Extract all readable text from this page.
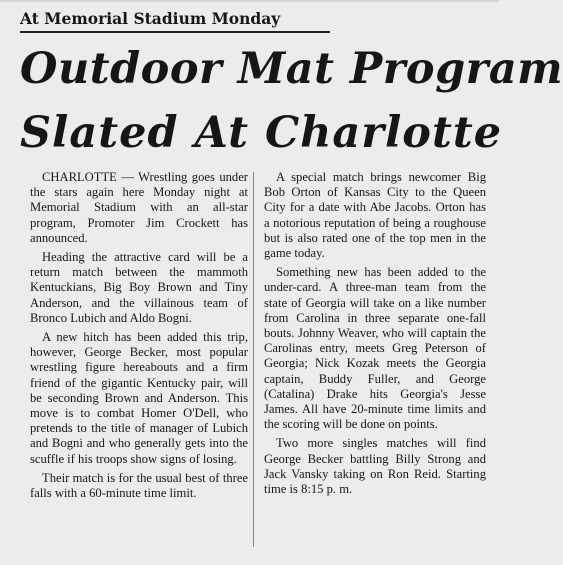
At Memorial Stadium Monday
Outdoor Mat Program
Slated At Charlotte

CHARLOTTE — Wrestling goes under the stars again here Monday night at Memorial Stadium with an all-star program, Promoter Jim Crockett has announced.

Heading the attractive card will be a return match between the mammoth Kentuckians, Big Boy Brown and Tiny Anderson, and the villainous team of Bronco Lubich and Aldo Bogni.

A new hitch has been added this trip, however, George Becker, most popular wrestling figure hereabouts and a firm friend of the gigantic Kentucky pair, will be seconding Brown and Anderson. This move is to combat Homer O'Dell, who pretends to the title of manager of Lubich and Bogni and who generally gets into the scuffle if his troops show signs of losing.

Their match is for the usual best of three falls with a 60-minute time limit.

A special match brings newcomer Big Bob Orton of Kansas City to the Queen City for a date with Abe Jacobs. Orton has a notorious reputation of being a roughouse but is also rated one of the top men in the game today.

Something new has been added to the under-card. A three-man team from the state of Georgia will take on a like number from Carolina in three separate one-fall bouts. Johnny Weaver, who will captain the Carolinas entry, meets Greg Peterson of Georgia; Nick Kozak meets the Georgia captain, Buddy Fuller, and George (Catalina) Drake hits Georgia's Jesse James. All have 20-minute time limits and the scoring will be done on points.

Two more singles matches will find George Becker battling Billy Strong and Jack Vansky taking on Ron Reid. Starting time is 8:15 p. m.
